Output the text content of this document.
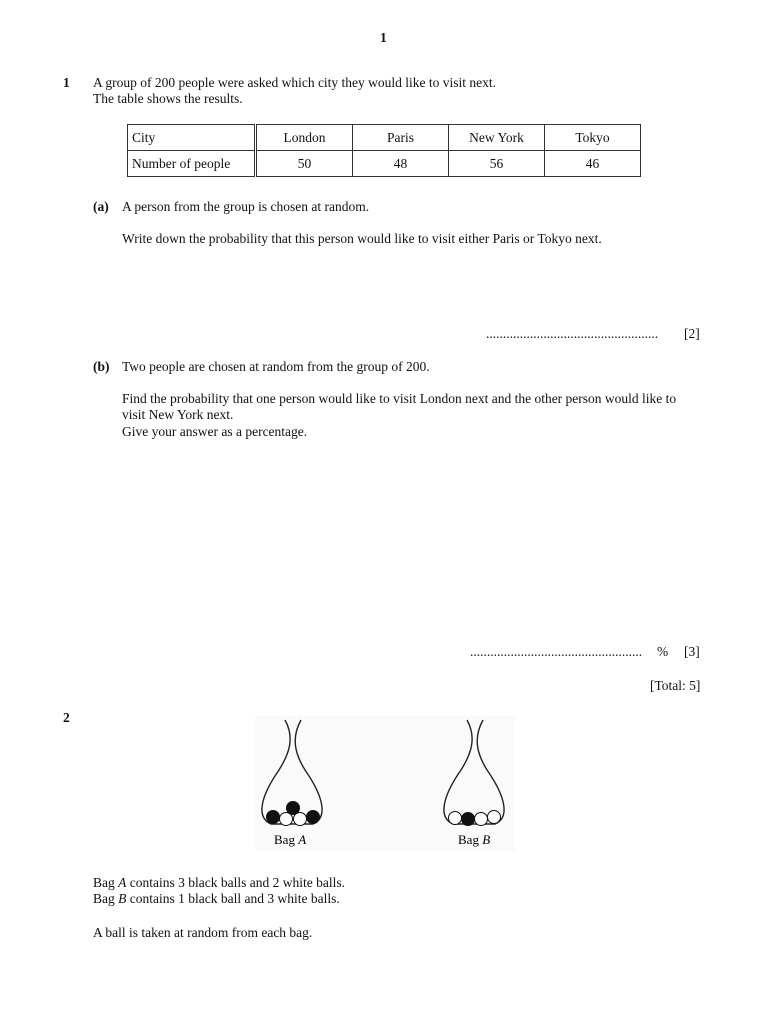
1
1 A group of 200 people were asked which city they would like to visit next.
The table shows the results.
City	London	Paris	New York	Tokyo
Number of people	50	48	56	46
(a) A person from the group is chosen at random.
Write down the probability that this person would like to visit either Paris or Tokyo next.
................................................... [2]
(b) Two people are chosen at random from the group of 200.
Find the probability that one person would like to visit London next and the other person would like to
visit New York next.
Give your answer as a percentage.
................................................... % [3]
[Total: 5]
2
Bag A	Bag B
Bag A contains 3 black balls and 2 white balls.
Bag B contains 1 black ball and 3 white balls.
A ball is taken at random from each bag.
